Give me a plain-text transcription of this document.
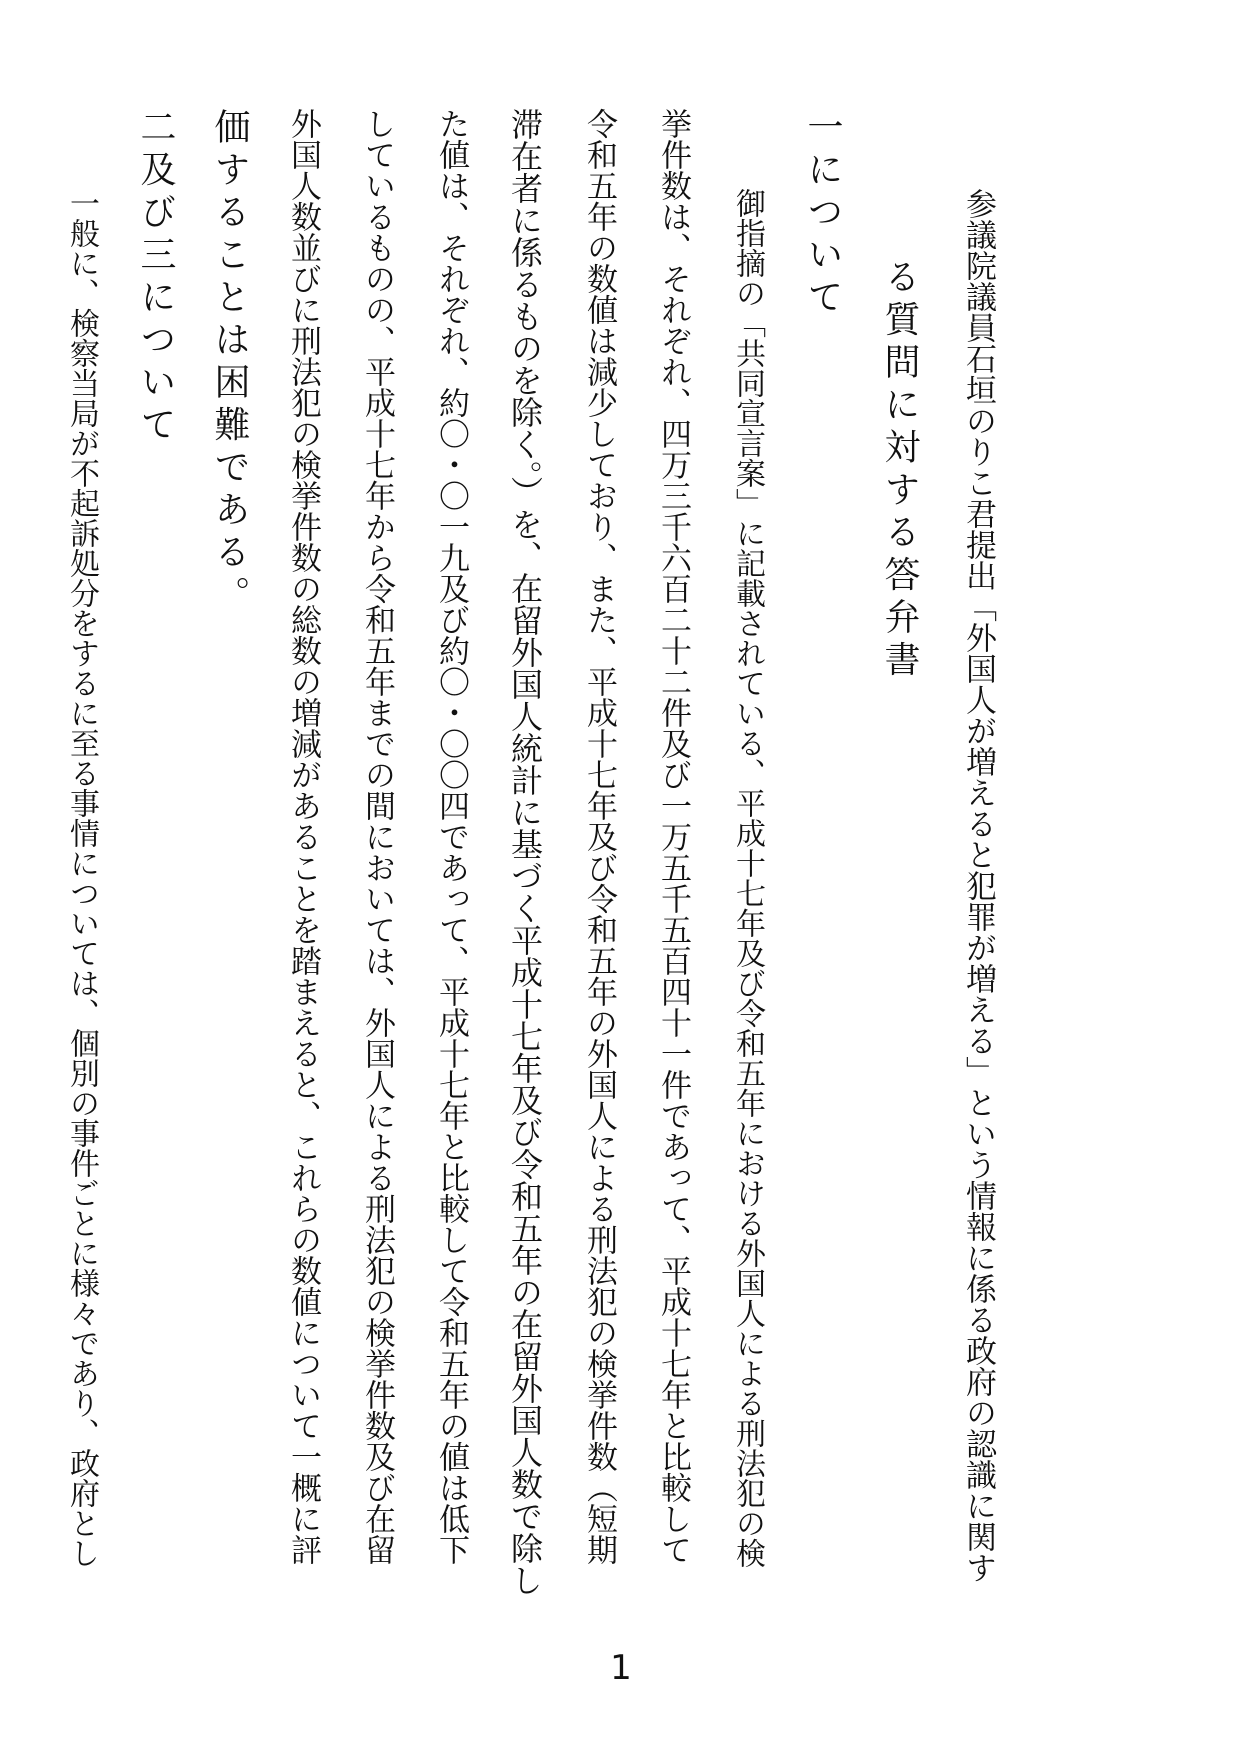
参議院議員石垣のりこ君提出「外国人が増えると犯罪が増える」という情報に係る政府の認識に関す

る質問に対する答弁書

一について

御指摘の「共同宣言案」に記載されている、平成十七年及び令和五年における外国人による刑法犯の検

挙件数は、それぞれ、四万三千六百二十二件及び一万五千五百四十一件であって、平成十七年と比較して

令和五年の数値は減少しており、また、平成十七年及び令和五年の外国人による刑法犯の検挙件数（短期

滞在者に係るものを除く。）を、在留外国人統計に基づく平成十七年及び令和五年の在留外国人数で除し

た値は、それぞれ、約〇・〇一九及び約〇・〇〇四であって、平成十七年と比較して令和五年の値は低下

しているものの、平成十七年から令和五年までの間においては、外国人による刑法犯の検挙件数及び在留

外国人数並びに刑法犯の検挙件数の総数の増減があることを踏まえると、これらの数値について一概に評

価することは困難である。

二及び三について

一般に、検察当局が不起訴処分をするに至る事情については、個別の事件ごとに様々であり、政府とし

1
